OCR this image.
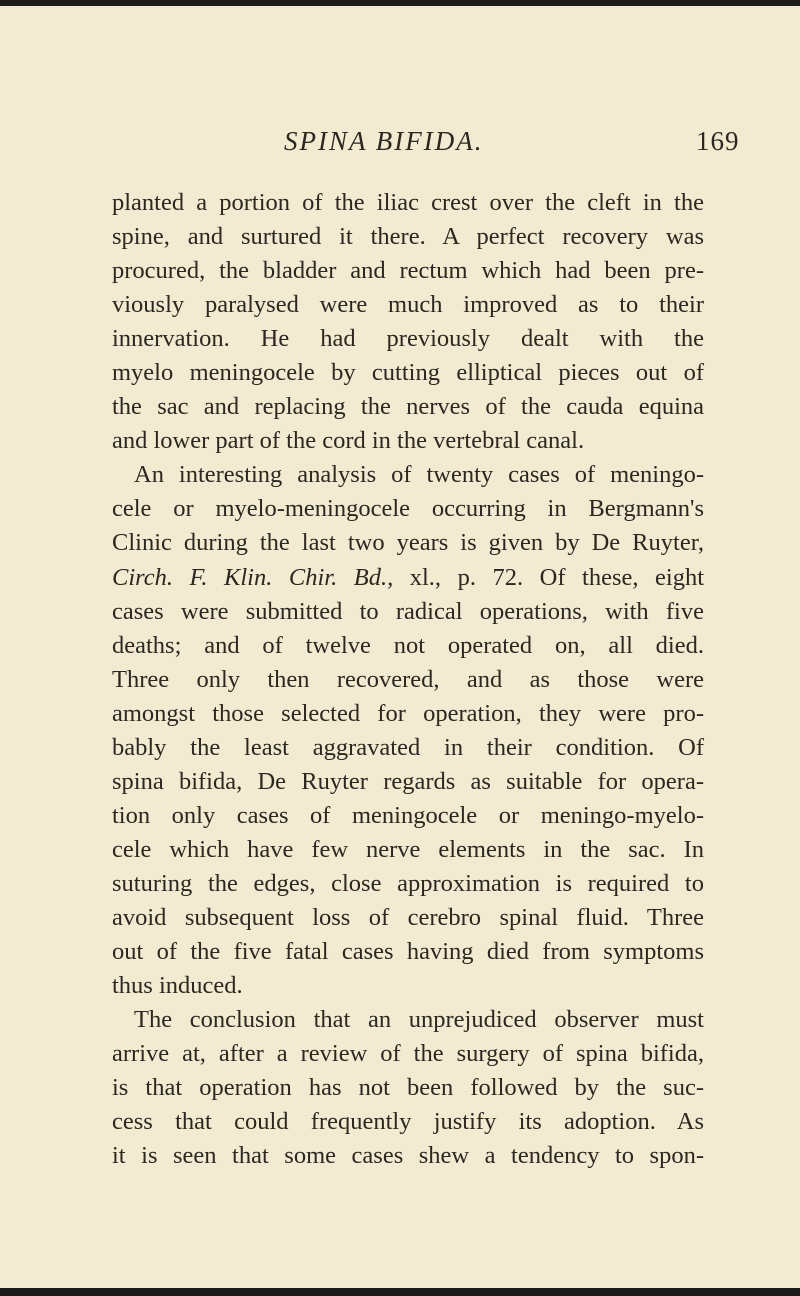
SPINA BIFIDA.	169
planted a portion of the iliac crest over the cleft in the
spine, and surtured it there. A perfect recovery was
procured, the bladder and rectum which had been pre-
viously paralysed were much improved as to their
innervation. He had previously dealt with the
myelo meningocele by cutting elliptical pieces out of
the sac and replacing the nerves of the cauda equina
and lower part of the cord in the vertebral canal.
An interesting analysis of twenty cases of meningo-
cele or myelo-meningocele occurring in Bergmann's
Clinic during the last two years is given by De Ruyter,
Circh. F. Klin. Chir. Bd., xl., p. 72. Of these, eight
cases were submitted to radical operations, with five
deaths; and of twelve not operated on, all died.
Three only then recovered, and as those were
amongst those selected for operation, they were pro-
bably the least aggravated in their condition. Of
spina bifida, De Ruyter regards as suitable for opera-
tion only cases of meningocele or meningo-myelo-
cele which have few nerve elements in the sac. In
suturing the edges, close approximation is required to
avoid subsequent loss of cerebro spinal fluid. Three
out of the five fatal cases having died from symptoms
thus induced.
The conclusion that an unprejudiced observer must
arrive at, after a review of the surgery of spina bifida,
is that operation has not been followed by the suc-
cess that could frequently justify its adoption. As
it is seen that some cases shew a tendency to spon-
